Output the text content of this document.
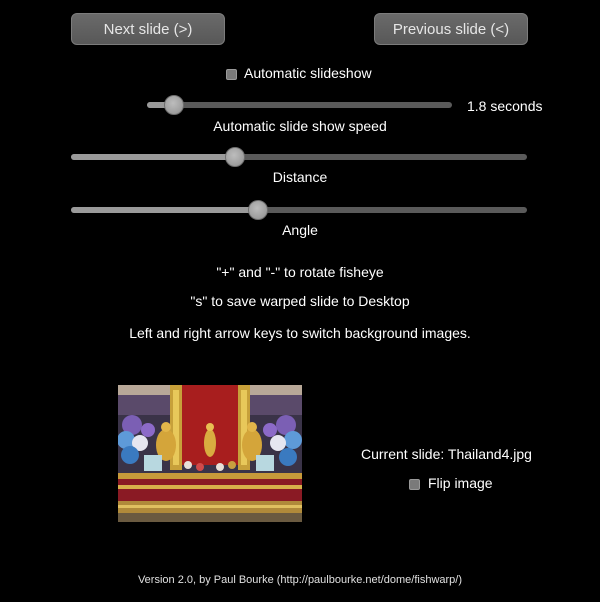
Next slide (>)	Previous slide (<)
Automatic slideshow
1.8 seconds
Automatic slide show speed
Distance
Angle
"+" and "-" to rotate fisheye
"s" to save warped slide to Desktop
Left and right arrow keys to switch background images.
Current slide: Thailand4.jpg
Flip image
Version 2.0, by Paul Bourke (http://paulbourke.net/dome/fishwarp/)
